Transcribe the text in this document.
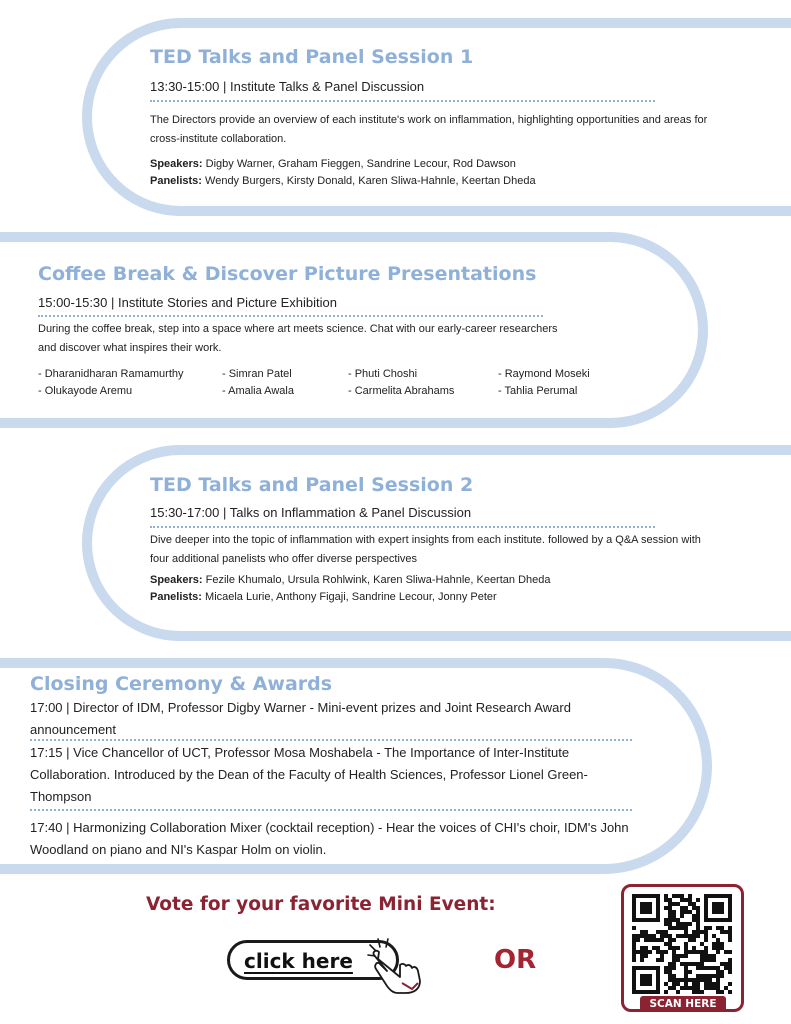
TED Talks and Panel Session 1
13:30-15:00 | Institute Talks & Panel Discussion
The Directors provide an overview of each institute's work on inflammation, highlighting opportunities and areas for cross-institute collaboration.
Speakers: Digby Warner, Graham Fieggen, Sandrine Lecour, Rod Dawson
Panelists: Wendy Burgers, Kirsty Donald, Karen Sliwa-Hahnle, Keertan Dheda
Coffee Break & Discover Picture Presentations
15:00-15:30 | Institute Stories and Picture Exhibition
During the coffee break, step into a space where art meets science. Chat with our early-career researchers and discover what inspires their work.
- Dharanidharan Ramamurthy	- Simran Patel	- Phuti Choshi	- Raymond Moseki
- Olukayode Aremu	- Amalia Awala	- Carmelita Abrahams	- Tahlia Perumal
TED Talks and Panel Session 2
15:30-17:00 | Talks on Inflammation & Panel Discussion
Dive deeper into the topic of inflammation with expert insights from each institute. followed by a Q&A session with four additional panelists who offer diverse perspectives
Speakers: Fezile Khumalo, Ursula Rohlwink, Karen Sliwa-Hahnle, Keertan Dheda
Panelists: Micaela Lurie, Anthony Figaji, Sandrine Lecour, Jonny Peter
Closing Ceremony & Awards
17:00 | Director of IDM, Professor Digby Warner - Mini-event prizes and Joint Research Award announcement
17:15 | Vice Chancellor of UCT, Professor Mosa Moshabela - The Importance of Inter-Institute Collaboration. Introduced by the Dean of the Faculty of Health Sciences, Professor Lionel Green-Thompson
17:40 | Harmonizing Collaboration Mixer (cocktail reception) - Hear the voices of CHI's choir, IDM's John Woodland on piano and NI's Kaspar Holm on violin.
Vote for your favorite Mini Event:
click here	OR
SCAN HERE
